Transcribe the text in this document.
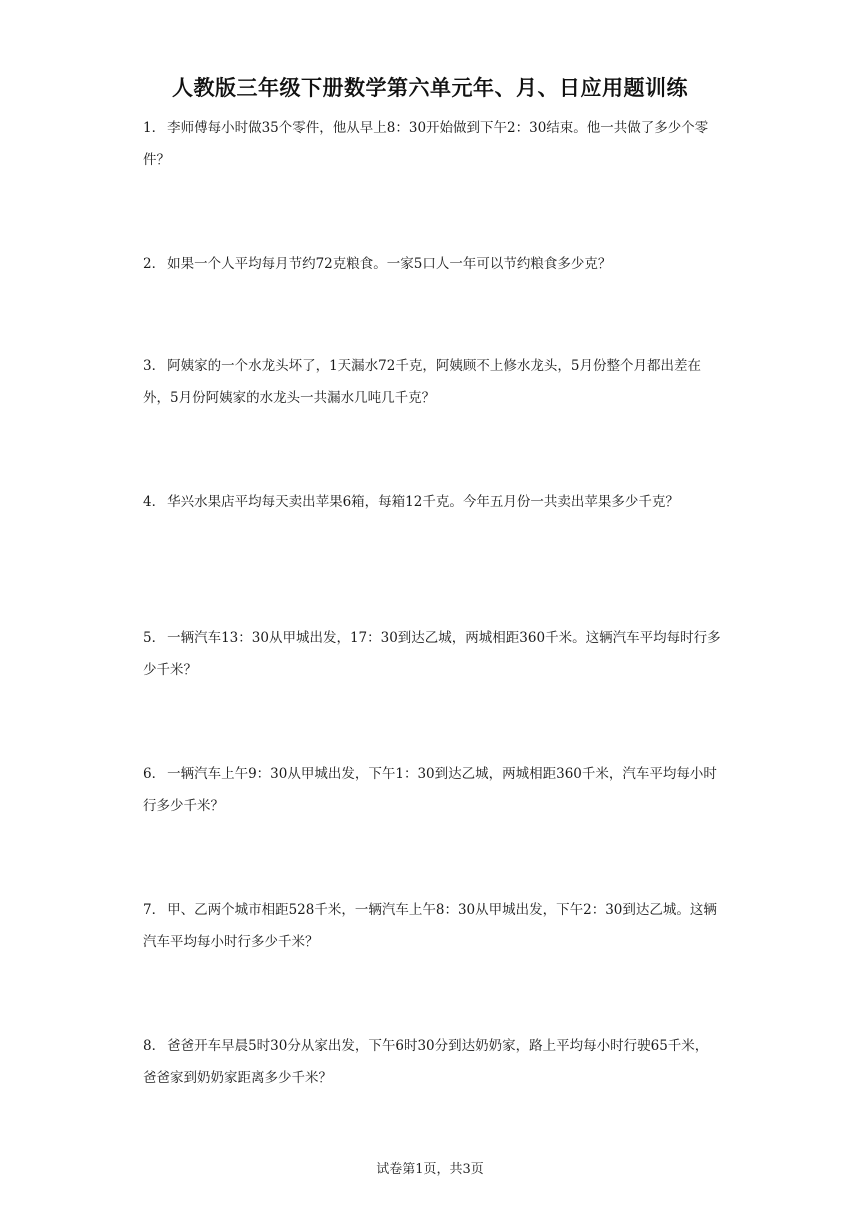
人教版三年级下册数学第六单元年、月、日应用题训练
1． 李师傅每小时做35个零件，他从早上8：30开始做到下午2：30结束。他一共做了多少个零件？
2． 如果一个人平均每月节约72克粮食。一家5口人一年可以节约粮食多少克？
3． 阿姨家的一个水龙头坏了，1天漏水72千克，阿姨顾不上修水龙头，5月份整个月都出差在外，5月份阿姨家的水龙头一共漏水几吨几千克？
4． 华兴水果店平均每天卖出苹果6箱，每箱12千克。今年五月份一共卖出苹果多少千克？
5． 一辆汽车13：30从甲城出发，17：30到达乙城，两城相距360千米。这辆汽车平均每时行多少千米？
6． 一辆汽车上午9：30从甲城出发，下午1：30到达乙城，两城相距360千米，汽车平均每小时行多少千米？
7． 甲、乙两个城市相距528千米，一辆汽车上午8：30从甲城出发，下午2：30到达乙城。这辆汽车平均每小时行多少千米？
8． 爸爸开车早晨5时30分从家出发，下午6时30分到达奶奶家，路上平均每小时行驶65千米，爸爸家到奶奶家距离多少千米？
试卷第1页，共3页
